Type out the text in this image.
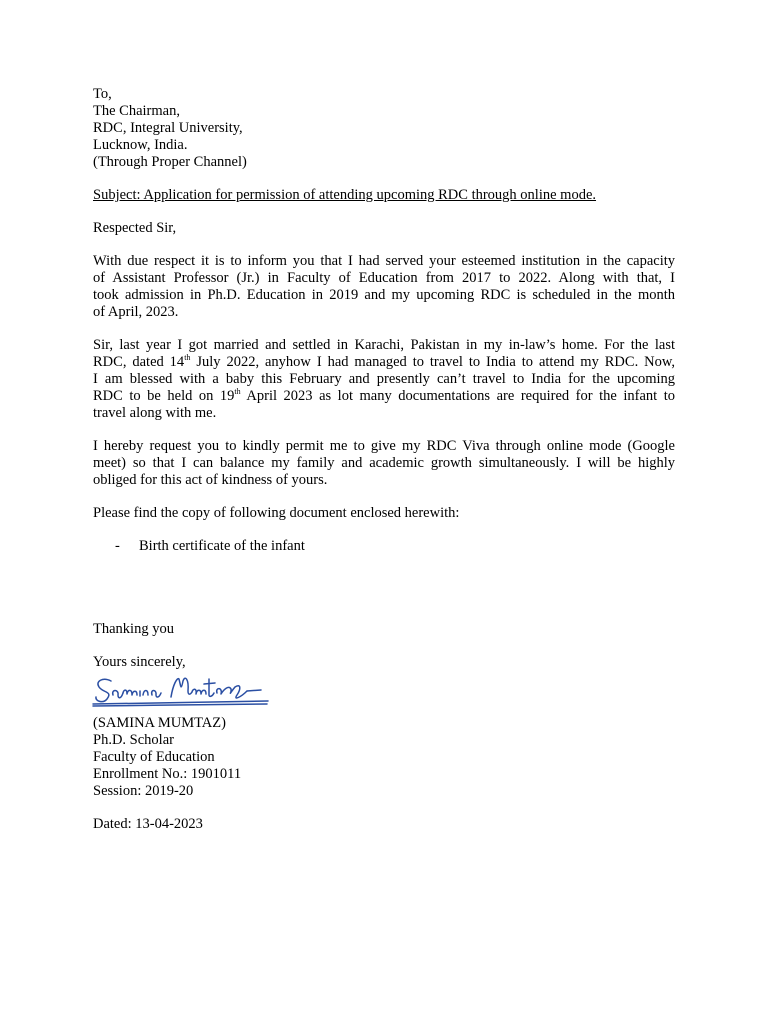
To,
The Chairman,
RDC, Integral University,
Lucknow, India.
(Through Proper Channel)
Subject: Application for permission of attending upcoming RDC through online mode.
Respected Sir,
With due respect it is to inform you that I had served your esteemed institution in the capacity
of Assistant Professor (Jr.) in Faculty of Education from 2017 to 2022. Along with that, I
took admission in Ph.D. Education in 2019 and my upcoming RDC is scheduled in the month
of April, 2023.
Sir, last year I got married and settled in Karachi, Pakistan in my in-law’s home. For the last
RDC, dated 14th July 2022, anyhow I had managed to travel to India to attend my RDC. Now,
I am blessed with a baby this February and presently can’t travel to India for the upcoming
RDC to be held on 19th April 2023 as lot many documentations are required for the infant to
travel along with me.
I hereby request you to kindly permit me to give my RDC Viva through online mode (Google
meet) so that I can balance my family and academic growth simultaneously. I will be highly
obliged for this act of kindness of yours.
Please find the copy of following document enclosed herewith:
-	Birth certificate of the infant
Thanking you
Yours sincerely,
(SAMINA MUMTAZ)
Ph.D. Scholar
Faculty of Education
Enrollment No.: 1901011
Session: 2019-20
Dated: 13-04-2023
